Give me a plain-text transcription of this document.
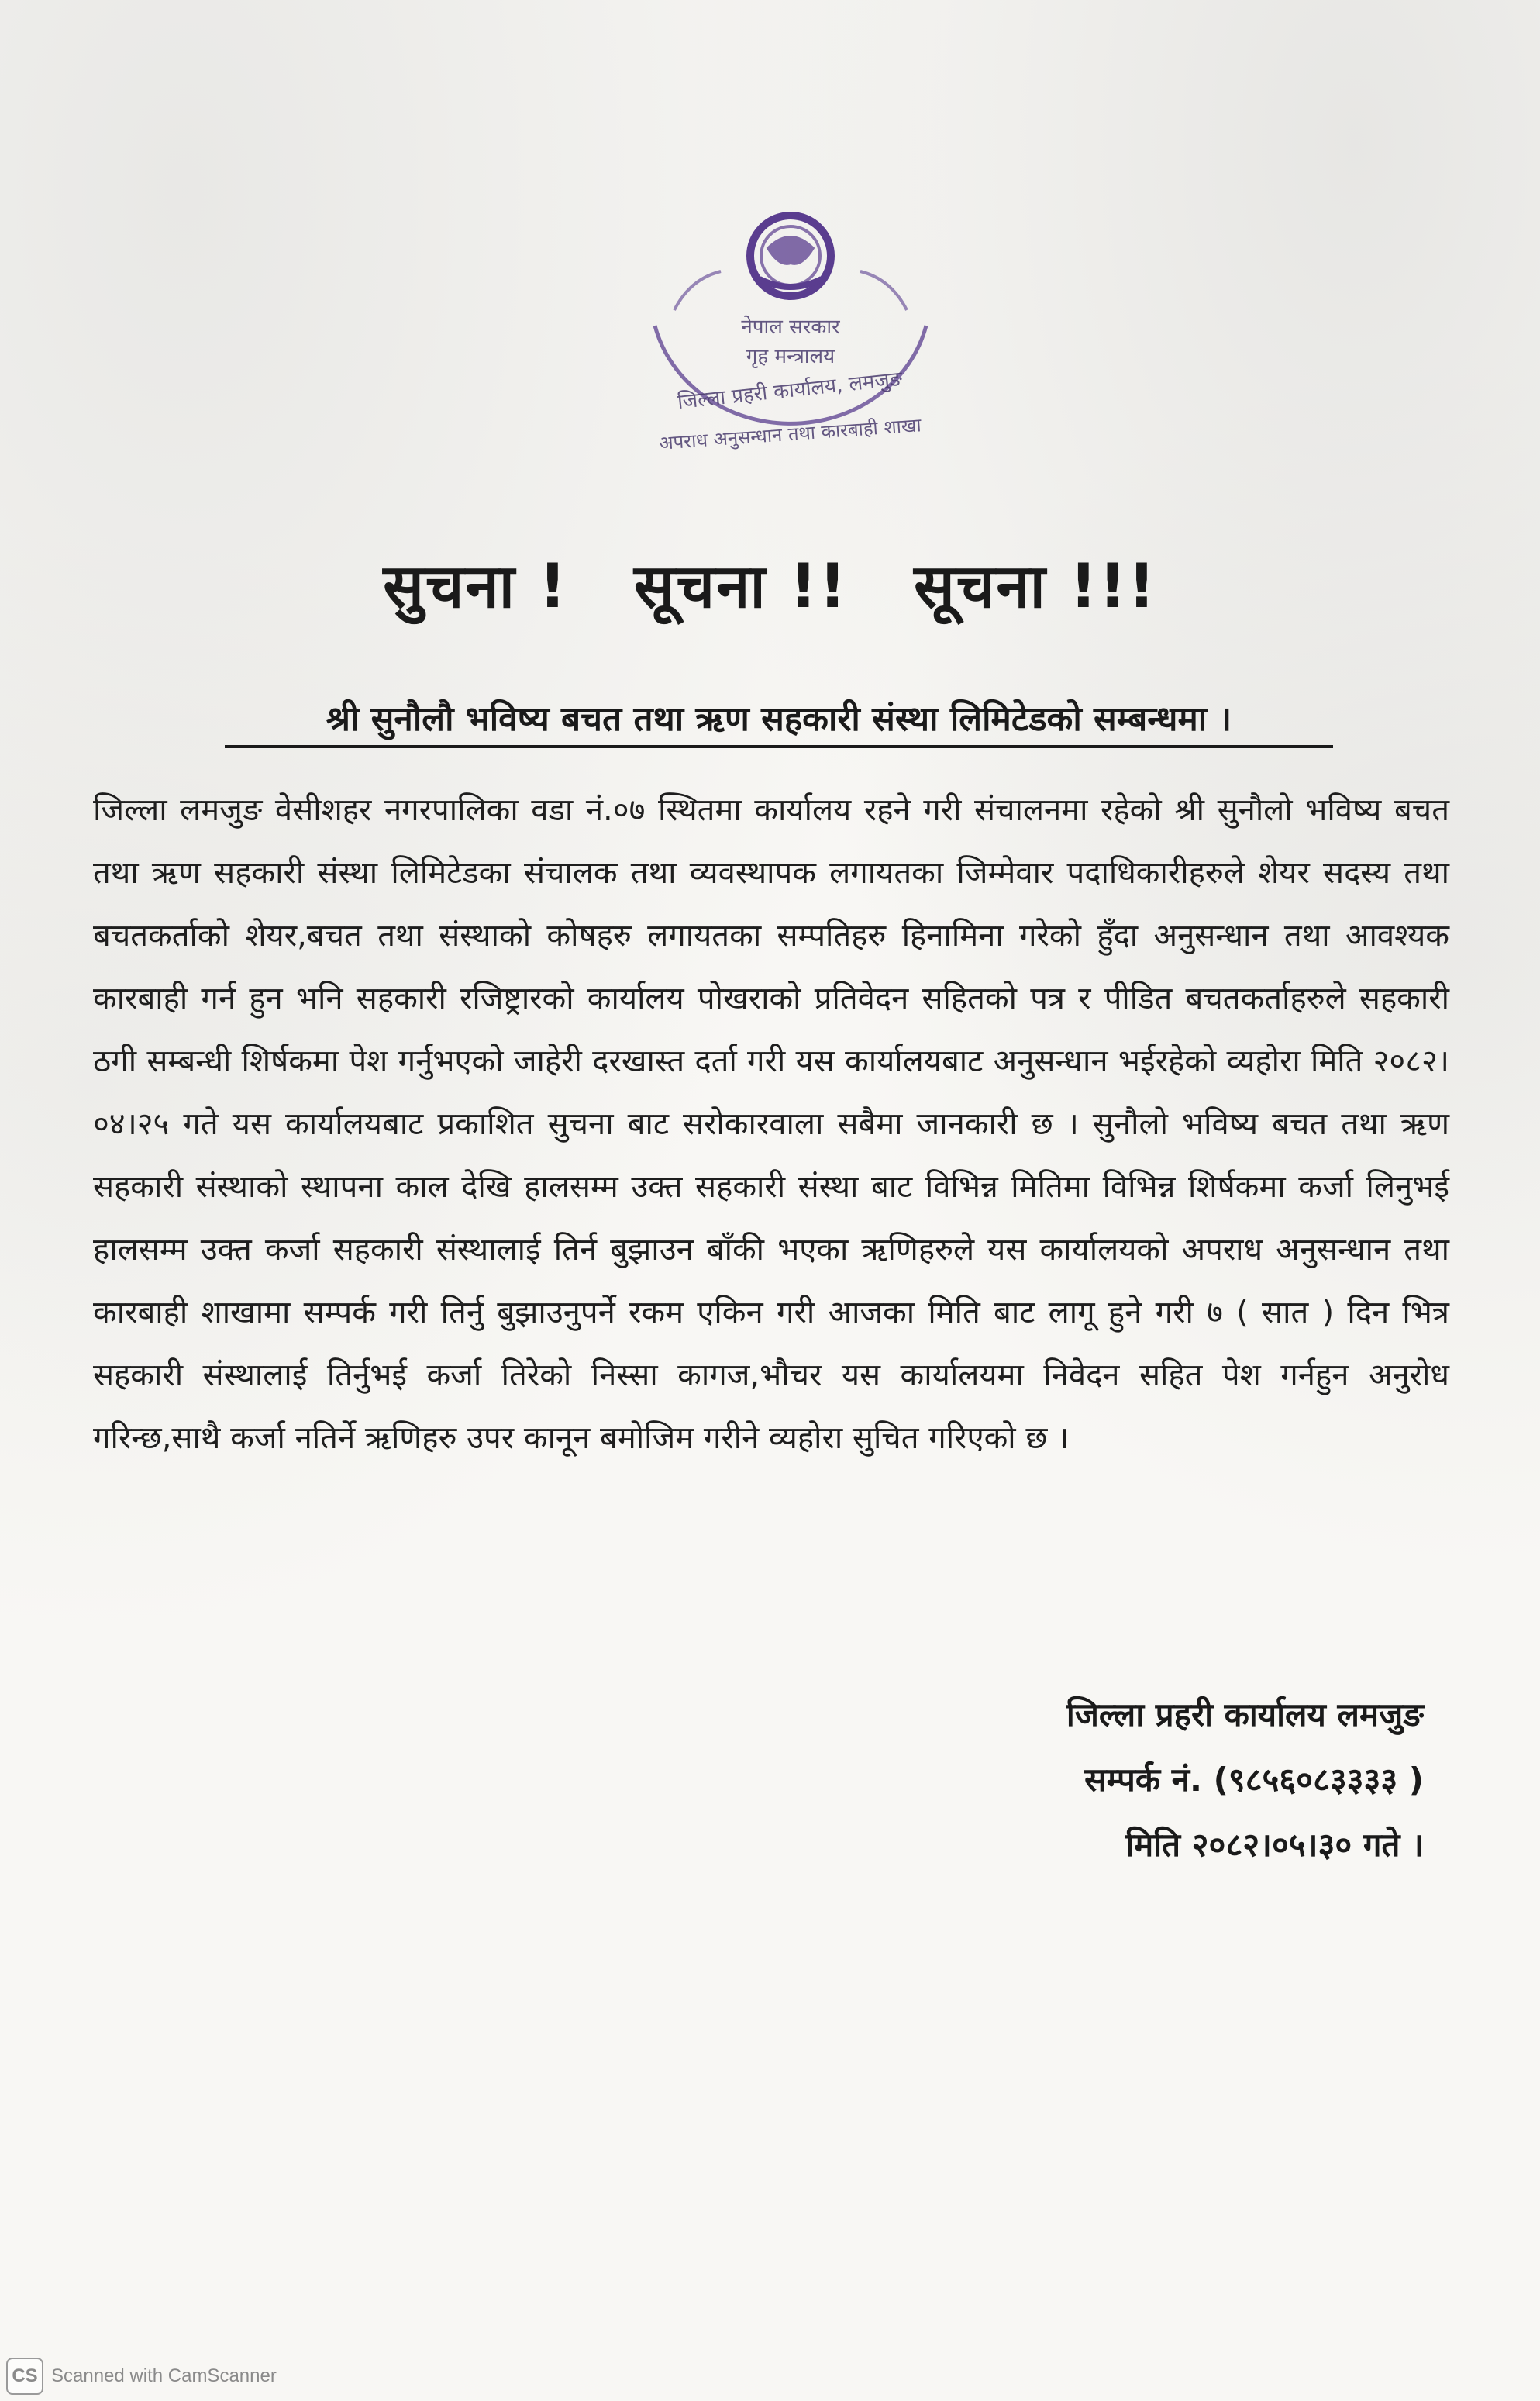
नेपाल सरकार
गृह मन्त्रालय
जिल्ला प्रहरी कार्यालय, लमजुङ
अपराध अनुसन्धान तथा कारबाही शाखा
सुचना ! सूचना !! सूचना !!!
श्री सुनौलौ भविष्य बचत तथा ऋण सहकारी संस्था लिमिटेडको सम्बन्धमा ।
जिल्ला लमजुङ वेसीशहर नगरपालिका वडा नं.०७ स्थितमा कार्यालय रहने गरी संचालनमा रहेको श्री सुनौलो भविष्य बचत तथा ऋण सहकारी संस्था लिमिटेडका संचालक तथा व्यवस्थापक लगायतका जिम्मेवार पदाधिकारीहरुले शेयर सदस्य तथा बचतकर्ताको शेयर,बचत तथा संस्थाको कोषहरु लगायतका सम्पतिहरु हिनामिना गरेको हुँदा अनुसन्धान तथा आवश्यक कारबाही गर्न हुन भनि सहकारी रजिष्ट्रारको कार्यालय पोखराको प्रतिवेदन सहितको पत्र र पीडित बचतकर्ताहरुले सहकारी ठगी सम्बन्धी शिर्षकमा पेश गर्नुभएको जाहेरी दरखास्त दर्ता गरी यस कार्यालयबाट अनुसन्धान भईरहेको व्यहोरा मिति २०८२।०४।२५ गते यस कार्यालयबाट प्रकाशित सुचना बाट सरोकारवाला सबैमा जानकारी छ । सुनौलो भविष्य बचत तथा ऋण सहकारी संस्थाको स्थापना काल देखि हालसम्म उक्त सहकारी संस्था बाट विभिन्न मितिमा विभिन्न शिर्षकमा कर्जा लिनुभई हालसम्म उक्त कर्जा सहकारी संस्थालाई तिर्न बुझाउन बाँकी भएका ऋणिहरुले यस कार्यालयको अपराध अनुसन्धान तथा कारबाही शाखामा सम्पर्क गरी तिर्नु बुझाउनुपर्ने रकम एकिन गरी आजका मिति बाट लागू हुने गरी ७ ( सात ) दिन भित्र सहकारी संस्थालाई तिर्नुभई कर्जा तिरेको निस्सा कागज,भौचर यस कार्यालयमा निवेदन सहित पेश गर्नहुन अनुरोध गरिन्छ,साथै कर्जा नतिर्ने ऋणिहरु उपर कानून बमोजिम गरीने व्यहोरा सुचित गरिएको छ ।
जिल्ला प्रहरी कार्यालय लमजुङ
सम्पर्क नं. (९८५६०८३३३३ )
मिति २०८२।०५।३० गते ।
CS Scanned with CamScanner
